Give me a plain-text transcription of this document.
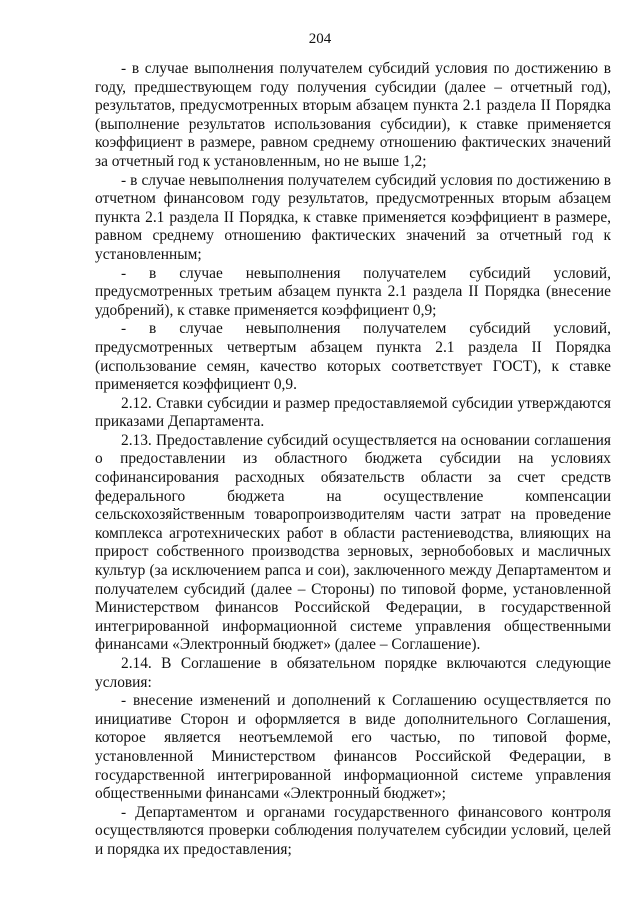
204

- в случае выполнения получателем субсидий условия по достижению в году, предшествующем году получения субсидии (далее – отчетный год), результатов, предусмотренных вторым абзацем пункта 2.1 раздела II Порядка (выполнение результатов использования субсидии), к ставке применяется коэффициент в размере, равном среднему отношению фактических значений за отчетный год к установленным, но не выше 1,2;

- в случае невыполнения получателем субсидий условия по достижению в отчетном финансовом году результатов, предусмотренных вторым абзацем пункта 2.1 раздела II Порядка, к ставке применяется коэффициент в размере, равном среднему отношению фактических значений за отчетный год к установленным;

- в случае невыполнения получателем субсидий условий, предусмотренных третьим абзацем пункта 2.1 раздела II Порядка (внесение удобрений), к ставке применяется коэффициент 0,9;

- в случае невыполнения получателем субсидий условий, предусмотренных четвертым абзацем пункта 2.1 раздела II Порядка (использование семян, качество которых соответствует ГОСТ), к ставке применяется коэффициент 0,9.

2.12. Ставки субсидии и размер предоставляемой субсидии утверждаются приказами Департамента.

2.13. Предоставление субсидий осуществляется на основании соглашения о предоставлении из областного бюджета субсидии на условиях софинансирования расходных обязательств области за счет средств федерального бюджета на осуществление компенсации сельскохозяйственным товаропроизводителям части затрат на проведение комплекса агротехнических работ в области растениеводства, влияющих на прирост собственного производства зерновых, зернобобовых и масличных культур (за исключением рапса и сои), заключенного между Департаментом и получателем субсидий (далее – Стороны) по типовой форме, установленной Министерством финансов Российской Федерации, в государственной интегрированной информационной системе управления общественными финансами «Электронный бюджет» (далее – Соглашение).

2.14. В Соглашение в обязательном порядке включаются следующие условия:

- внесение изменений и дополнений к Соглашению осуществляется по инициативе Сторон и оформляется в виде дополнительного Соглашения, которое является неотъемлемой его частью, по типовой форме, установленной Министерством финансов Российской Федерации, в государственной интегрированной информационной системе управления общественными финансами «Электронный бюджет»;

- Департаментом и органами государственного финансового контроля осуществляются проверки соблюдения получателем субсидии условий, целей и порядка их предоставления;
